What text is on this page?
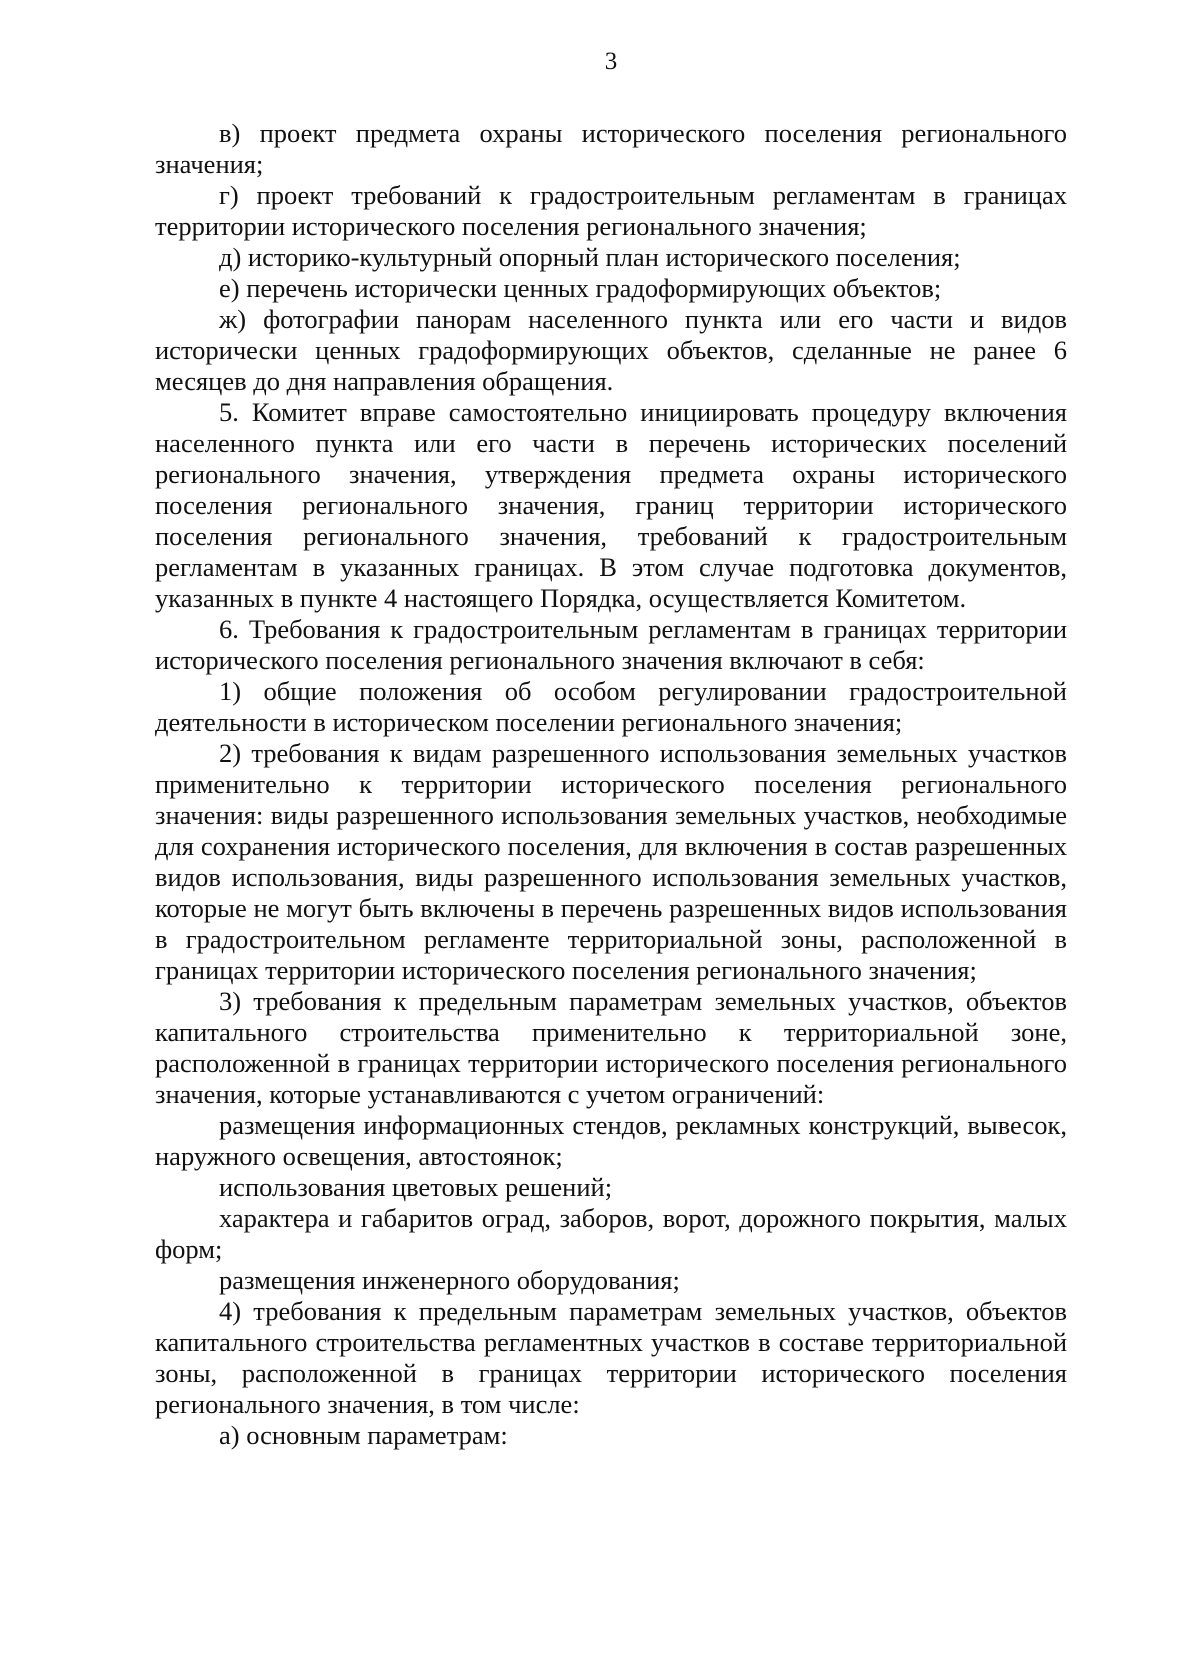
3

в) проект предмета охраны исторического поселения регионального значения;

г) проект требований к градостроительным регламентам в границах территории исторического поселения регионального значения;

д) историко-культурный опорный план исторического поселения;

е) перечень исторически ценных градоформирующих объектов;

ж) фотографии панорам населенного пункта или его части и видов исторически ценных градоформирующих объектов, сделанные не ранее 6 месяцев до дня направления обращения.

5. Комитет вправе самостоятельно инициировать процедуру включения населенного пункта или его части в перечень исторических поселений регионального значения, утверждения предмета охраны исторического поселения регионального значения, границ территории исторического поселения регионального значения, требований к градостроительным регламентам в указанных границах. В этом случае подготовка документов, указанных в пункте 4 настоящего Порядка, осуществляется Комитетом.

6. Требования к градостроительным регламентам в границах территории исторического поселения регионального значения включают в себя:

1) общие положения об особом регулировании градостроительной деятельности в историческом поселении регионального значения;

2) требования к видам разрешенного использования земельных участков применительно к территории исторического поселения регионального значения: виды разрешенного использования земельных участков, необходимые для сохранения исторического поселения, для включения в состав разрешенных видов использования, виды разрешенного использования земельных участков, которые не могут быть включены в перечень разрешенных видов использования в градостроительном регламенте территориальной зоны, расположенной в границах территории исторического поселения регионального значения;

3) требования к предельным параметрам земельных участков, объектов капитального строительства применительно к территориальной зоне, расположенной в границах территории исторического поселения регионального значения, которые устанавливаются с учетом ограничений:

размещения информационных стендов, рекламных конструкций, вывесок, наружного освещения, автостоянок;

использования цветовых решений;

характера и габаритов оград, заборов, ворот, дорожного покрытия, малых форм;

размещения инженерного оборудования;

4) требования к предельным параметрам земельных участков, объектов капитального строительства регламентных участков в составе территориальной зоны, расположенной в границах территории исторического поселения регионального значения, в том числе:

а) основным параметрам:
